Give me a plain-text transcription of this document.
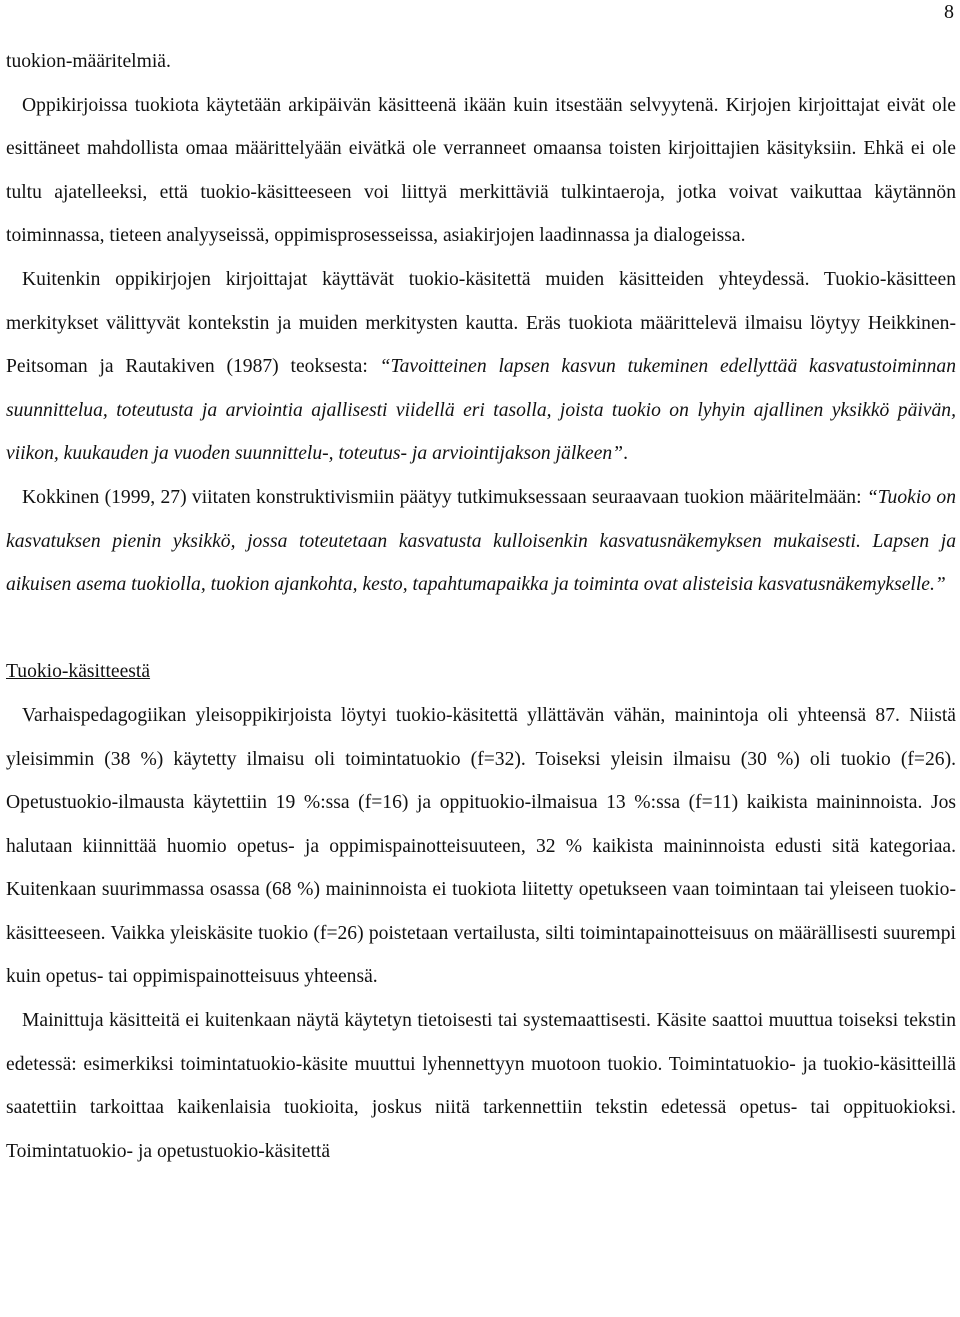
8

tuokion-määritelmiä.

Oppikirjoissa tuokiota käytetään arkipäivän käsitteenä ikään kuin itsestään selvyytenä. Kirjojen kirjoittajat eivät ole esittäneet mahdollista omaa määrittelyään eivätkä ole verranneet omaansa toisten kirjoittajien käsityksiin. Ehkä ei ole tultu ajatelleeksi, että tuokio-käsitteeseen voi liittyä merkittäviä tulkintaeroja, jotka voivat vaikuttaa käytännön toiminnassa, tieteen analyyseissä, oppimisprosesseissa, asiakirjojen laadinnassa ja dialogeissa.

Kuitenkin oppikirjojen kirjoittajat käyttävät tuokio-käsitettä muiden käsitteiden yhteydessä. Tuokio-käsitteen merkitykset välittyvät kontekstin ja muiden merkitysten kautta. Eräs tuokiota määrittelevä ilmaisu löytyy Heikkinen-Peitsoman ja Rautakiven (1987) teoksesta: “Tavoitteinen lapsen kasvun tukeminen edellyttää kasvatustoiminnan suunnittelua, toteutusta ja arviointia ajallisesti viidellä eri tasolla, joista tuokio on lyhyin ajallinen yksikkö päivän, viikon, kuukauden ja vuoden suunnittelu-, toteutus- ja arviointijakson jälkeen”.

Kokkinen (1999, 27) viitaten konstruktivismiin päätyy tutkimuksessaan seuraavaan tuokion määritelmään: “Tuokio on kasvatuksen pienin yksikkö, jossa toteutetaan kasvatusta kulloisenkin kasvatusnäkemyksen mukaisesti. Lapsen ja aikuisen asema tuokiolla, tuokion ajankohta, kesto, tapahtumapaikka ja toiminta ovat alisteisia kasvatusnäkemykselle.”

Tuokio-käsitteestä

Varhaispedagogiikan yleisoppikirjoista löytyi tuokio-käsitettä yllättävän vähän, mainintoja oli yhteensä 87. Niistä yleisimmin (38 %) käytetty ilmaisu oli toimintatuokio (f=32). Toiseksi yleisin ilmaisu (30 %) oli tuokio (f=26). Opetustuokio-ilmausta käytettiin 19 %:ssa (f=16) ja oppituokio-ilmaisua 13 %:ssa (f=11) kaikista maininnoista. Jos halutaan kiinnittää huomio opetus- ja oppimispainotteisuuteen, 32 % kaikista maininnoista edusti sitä kategoriaa. Kuitenkaan suurimmassa osassa (68 %) maininnoista ei tuokiota liitetty opetukseen vaan toimintaan tai yleiseen tuokio-käsitteeseen. Vaikka yleiskäsite tuokio (f=26) poistetaan vertailusta, silti toimintapainotteisuus on määrällisesti suurempi kuin opetus- tai oppimispainotteisuus yhteensä.

Mainittuja käsitteitä ei kuitenkaan näytä käytetyn tietoisesti tai systemaattisesti. Käsite saattoi muuttua toiseksi tekstin edetessä: esimerkiksi toimintatuokio-käsite muuttui lyhennettyyn muotoon tuokio. Toimintatuokio- ja tuokio-käsitteillä saatettiin tarkoittaa kaikenlaisia tuokioita, joskus niitä tarkennettiin tekstin edetessä opetus- tai oppituokioksi. Toimintatuokio- ja opetustuokio-käsitettä
